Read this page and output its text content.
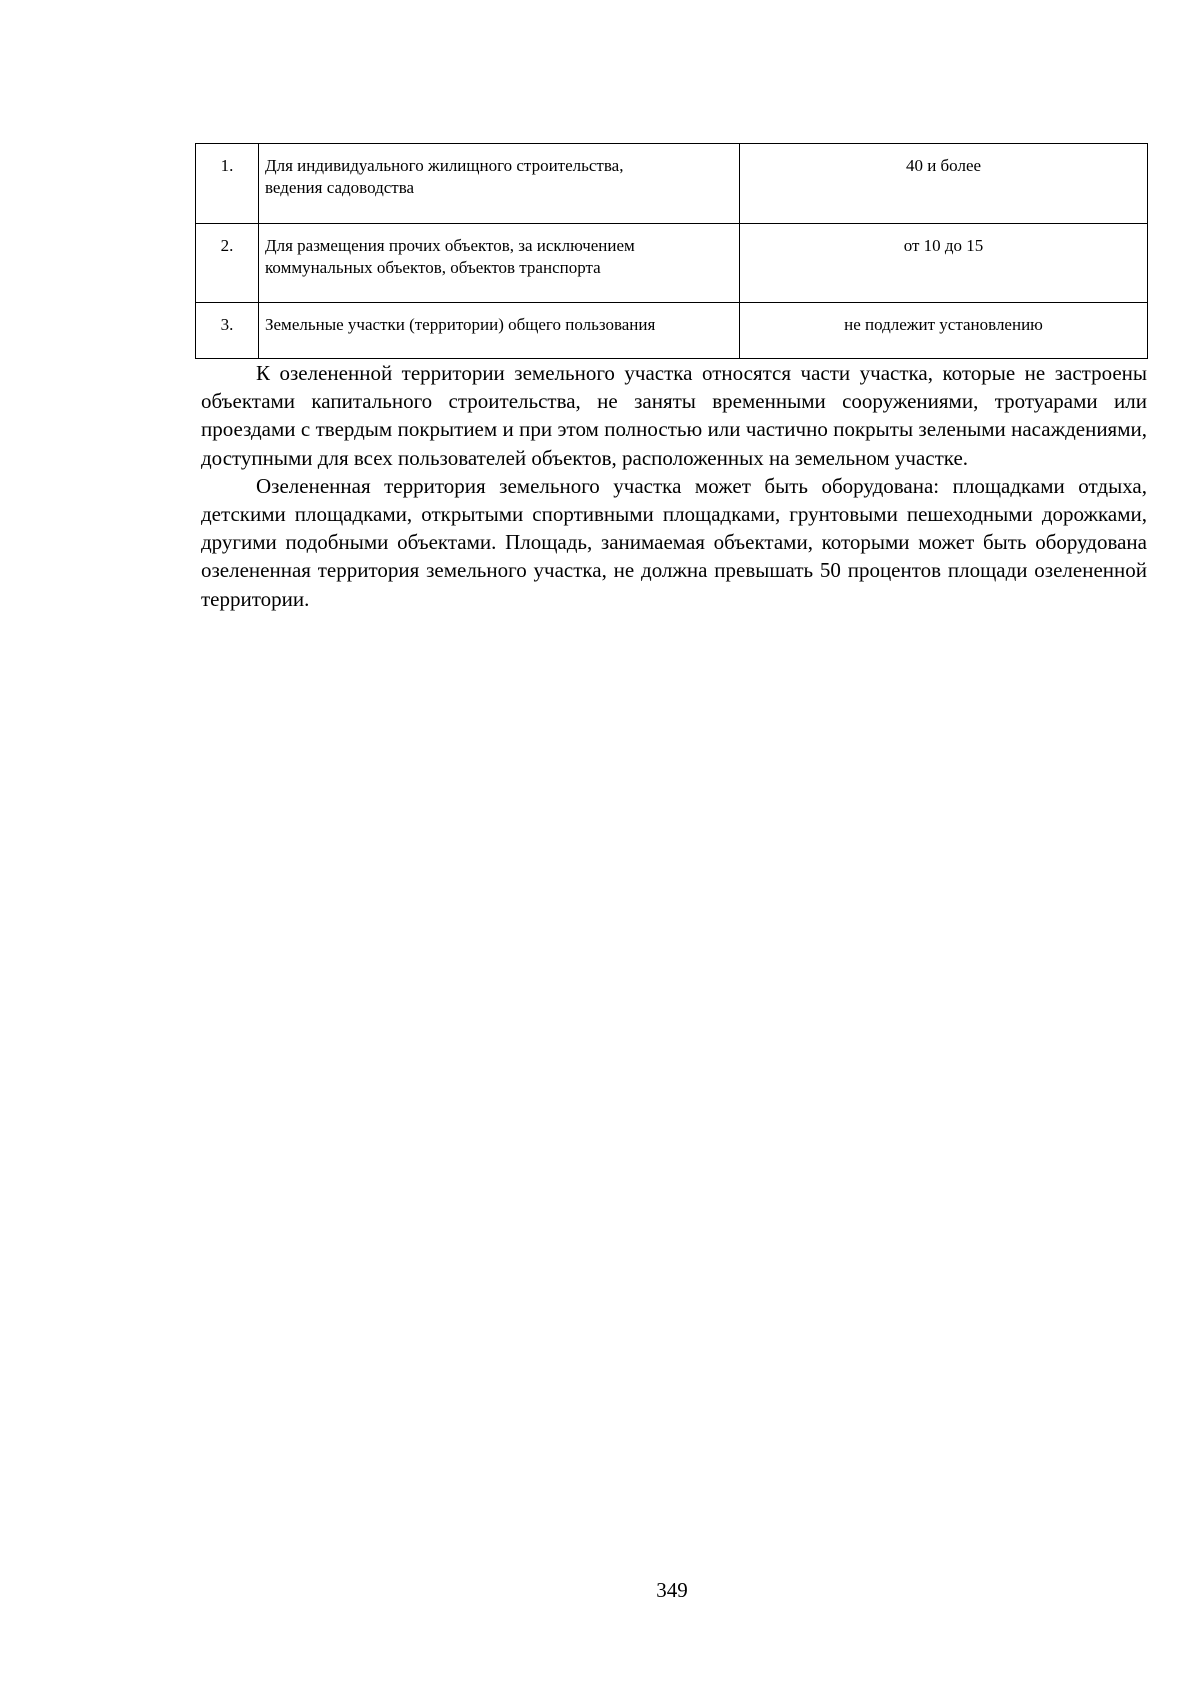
1.	Для индивидуального жилищного строительства,
ведения садоводства	40 и более
2.	Для размещения прочих объектов, за исключением
коммунальных объектов, объектов транспорта	от 10 до 15
3.	Земельные участки (территории) общего пользования	не подлежит установлению

К озелененной территории земельного участка относятся части участка, которые не застроены объектами капитального строительства, не заняты временными сооружениями, тротуарами или проездами с твердым покрытием и при этом полностью или частично покрыты зелеными насаждениями, доступными для всех пользователей объектов, расположенных на земельном участке.

Озелененная территория земельного участка может быть оборудована: площадками отдыха, детскими площадками, открытыми спортивными площадками, грунтовыми пешеходными дорожками, другими подобными объектами. Площадь, занимаемая объектами, которыми может быть оборудована озелененная территория земельного участка, не должна превышать 50 процентов площади озелененной территории.

349
